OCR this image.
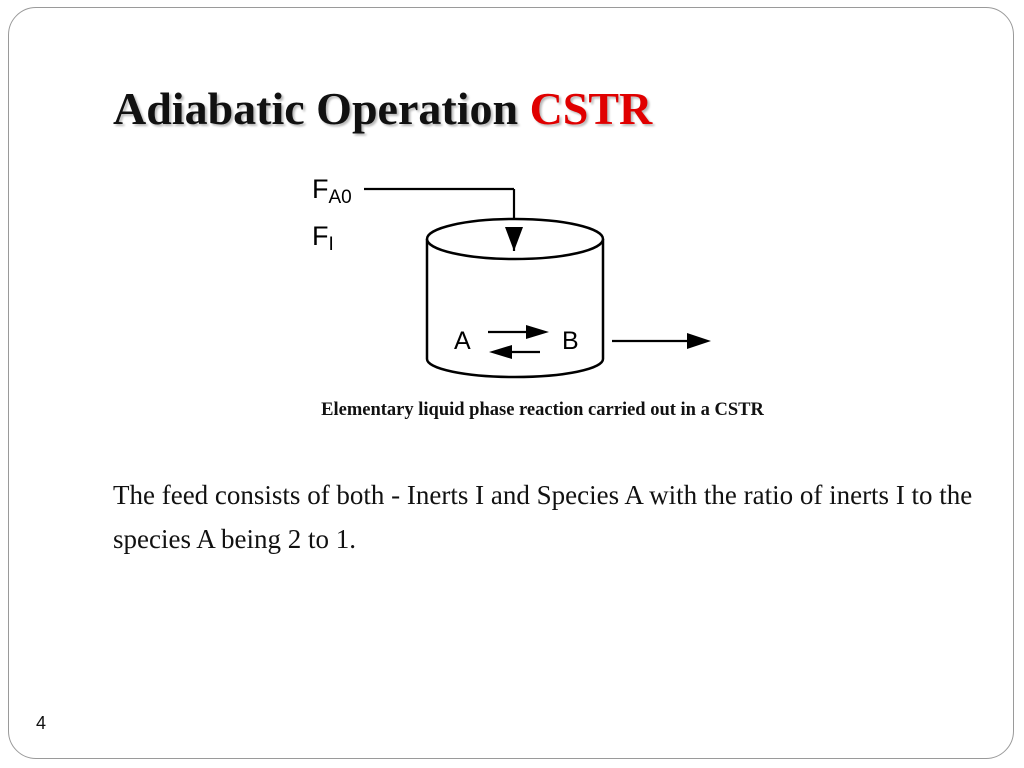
Adiabatic Operation CSTR
FA0
FI
A	B
Elementary liquid phase reaction carried out in a CSTR

The feed consists of both - Inerts I and Species A with the ratio of inerts I to the species A being 2 to 1.

4
